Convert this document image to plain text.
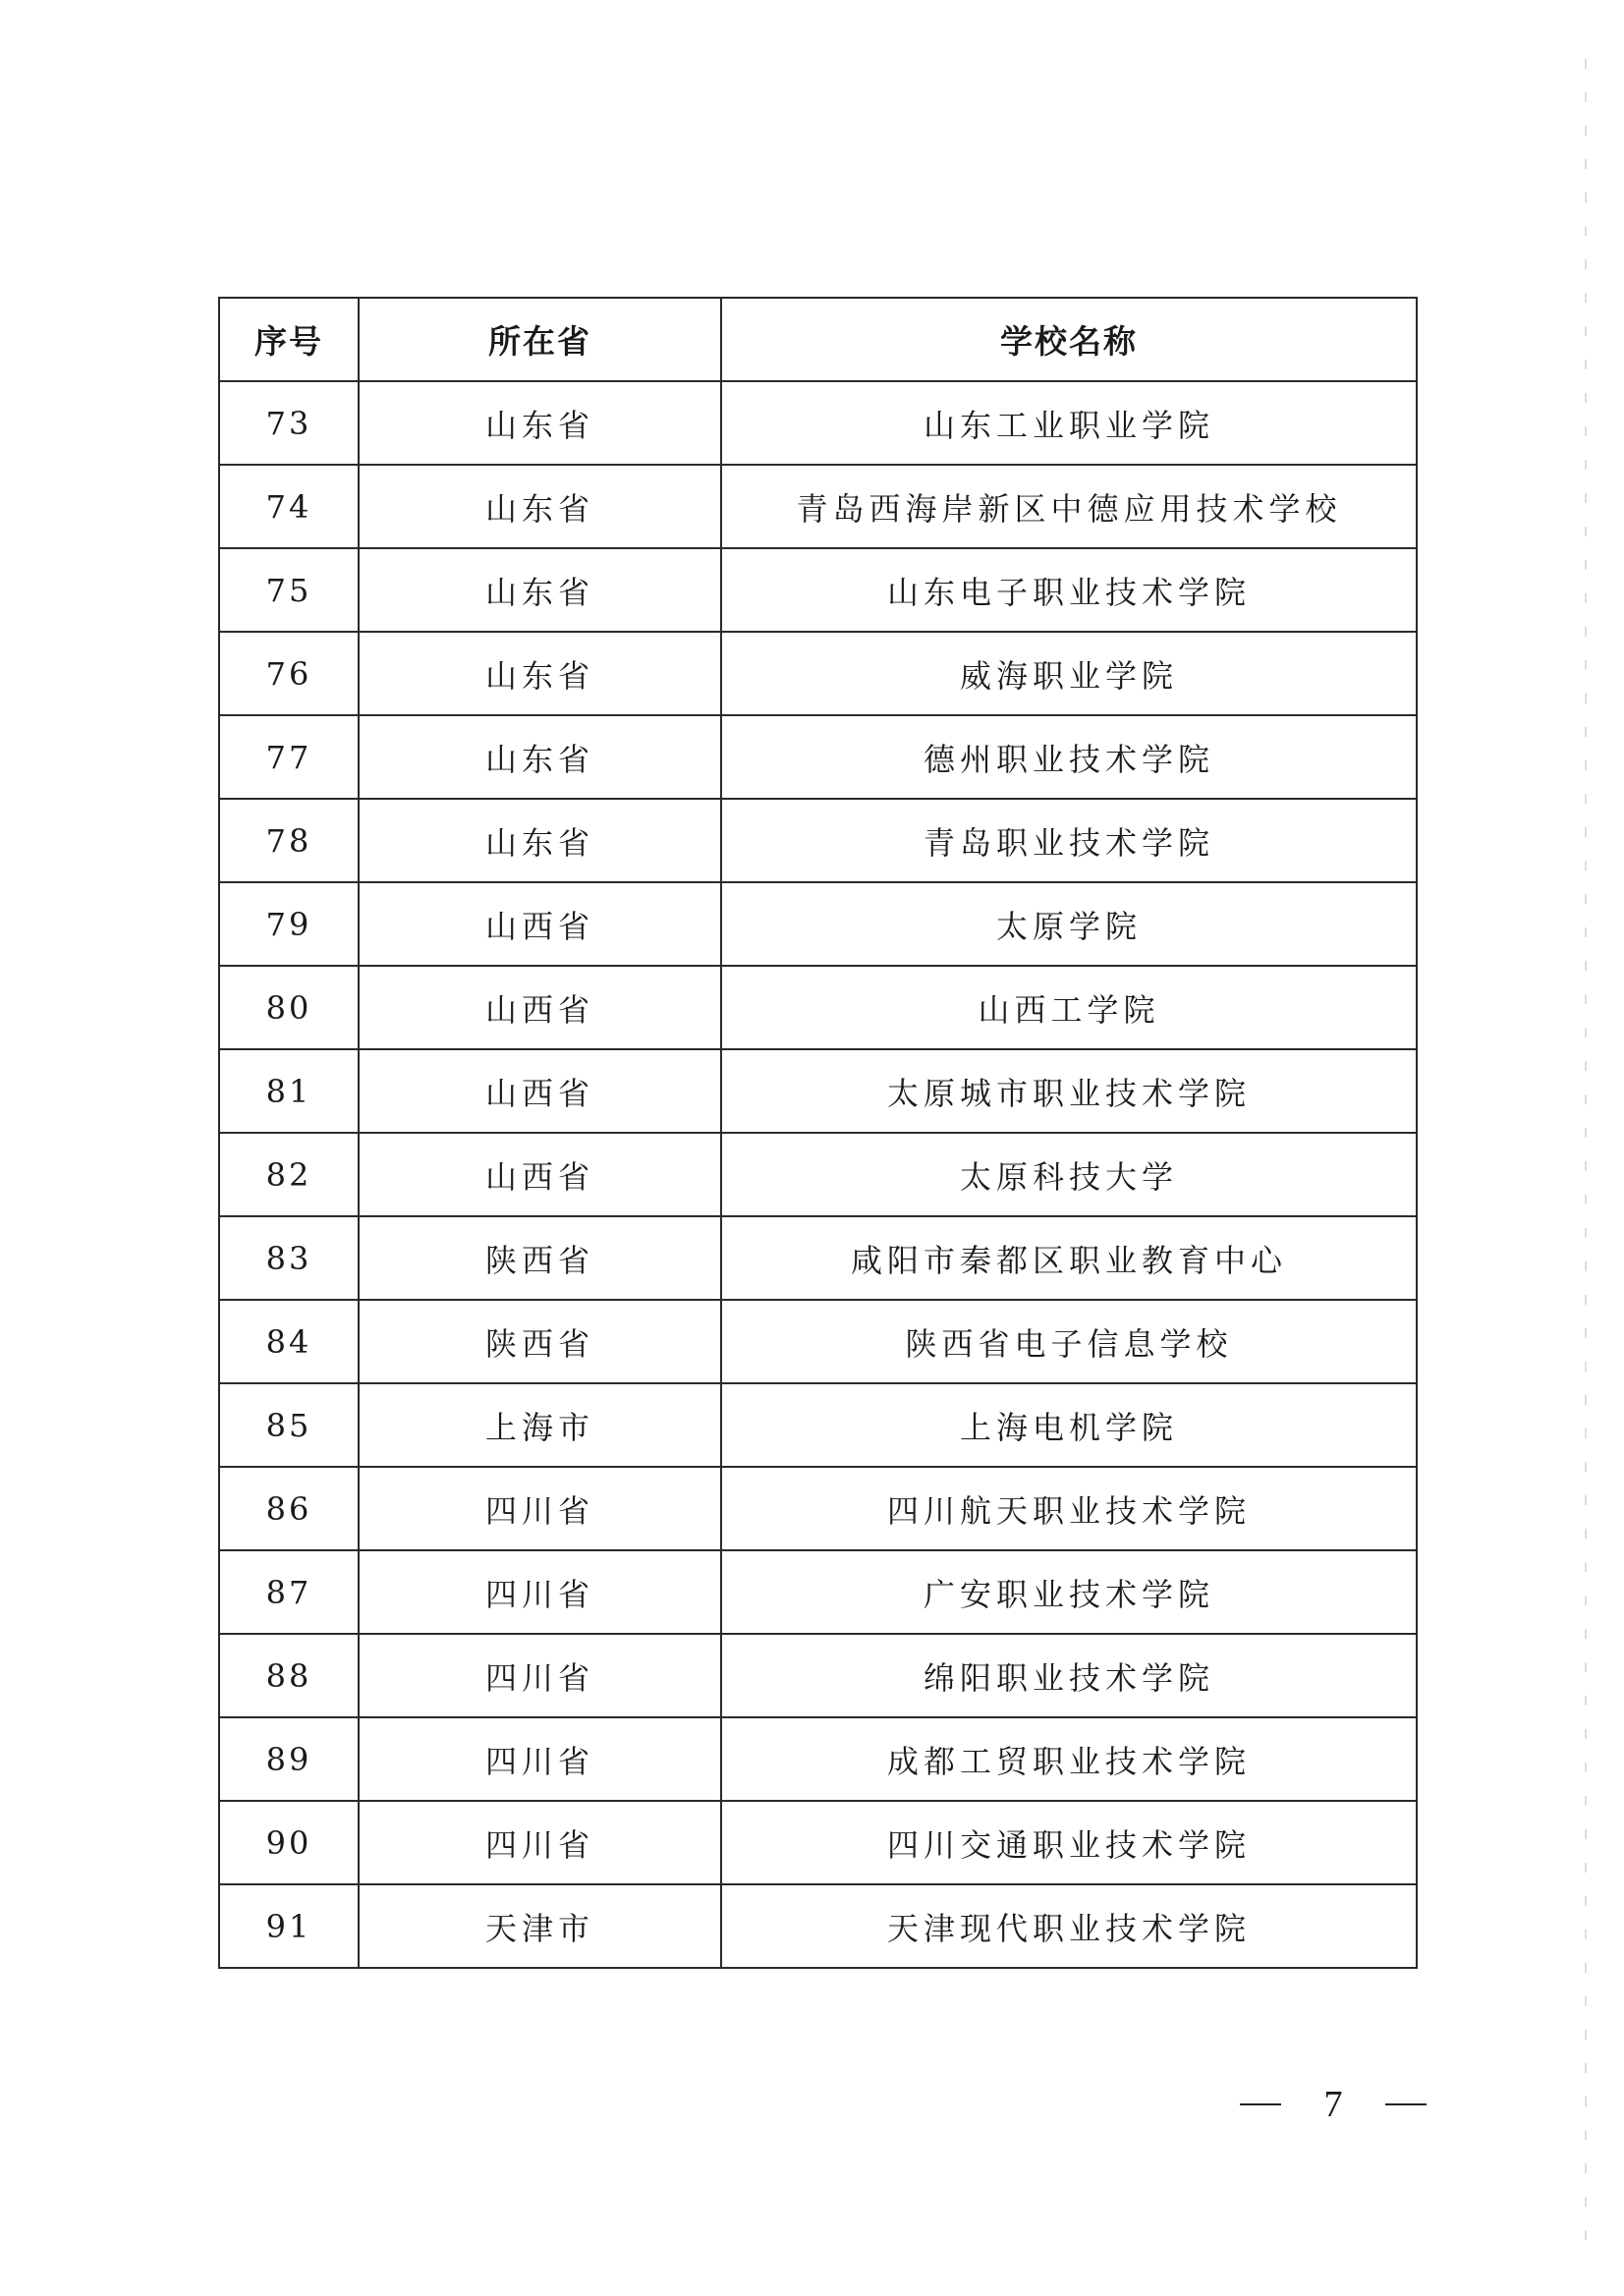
序号	所在省	学校名称
73	山东省	山东工业职业学院
74	山东省	青岛西海岸新区中德应用技术学校
75	山东省	山东电子职业技术学院
76	山东省	威海职业学院
77	山东省	德州职业技术学院
78	山东省	青岛职业技术学院
79	山西省	太原学院
80	山西省	山西工学院
81	山西省	太原城市职业技术学院
82	山西省	太原科技大学
83	陕西省	咸阳市秦都区职业教育中心
84	陕西省	陕西省电子信息学校
85	上海市	上海电机学院
86	四川省	四川航天职业技术学院
87	四川省	广安职业技术学院
88	四川省	绵阳职业技术学院
89	四川省	成都工贸职业技术学院
90	四川省	四川交通职业技术学院
91	天津市	天津现代职业技术学院
7
